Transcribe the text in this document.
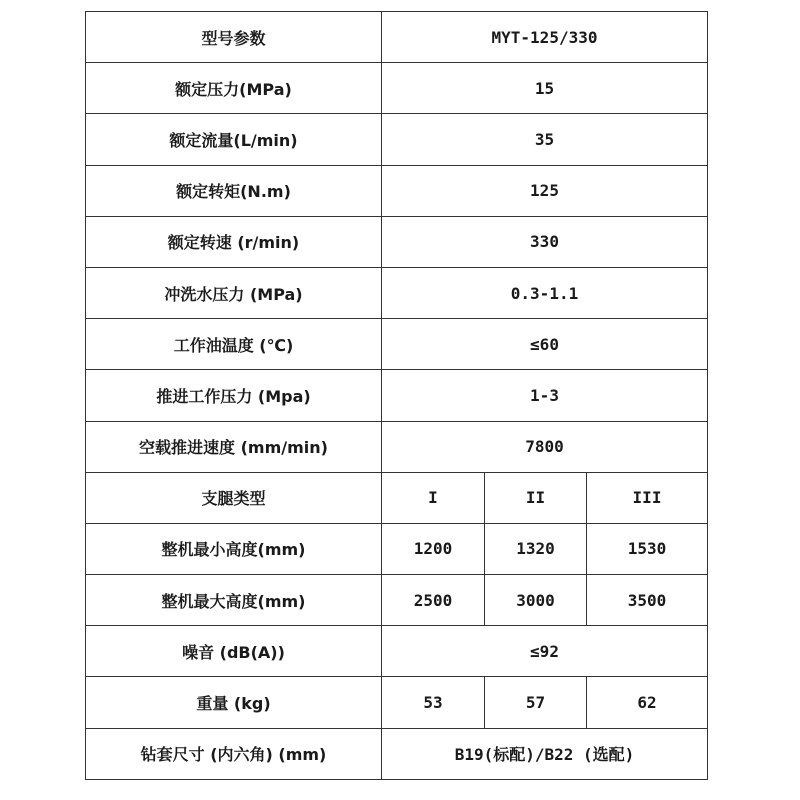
型号参数	MYT-125/330		
额定压力(MPa)	15		
额定流量(L/min)	35		
额定转矩(N.m)	125		
额定转速 (r/min)	330		
冲洗水压力 (MPa)	0.3-1.1		
工作油温度 (℃)	≤60		
推进工作压力 (Mpa)	1-3		
空载推进速度 (mm/min)	7800		
支腿类型	I	II	III
整机最小高度(mm)	1200	1320	1530
整机最大高度(mm)	2500	3000	3500
噪音 (dB(A))	≤92		
重量 (kg)	53	57	62
钻套尺寸 (内六角) (mm)	B19(标配)/B22 (选配)		
